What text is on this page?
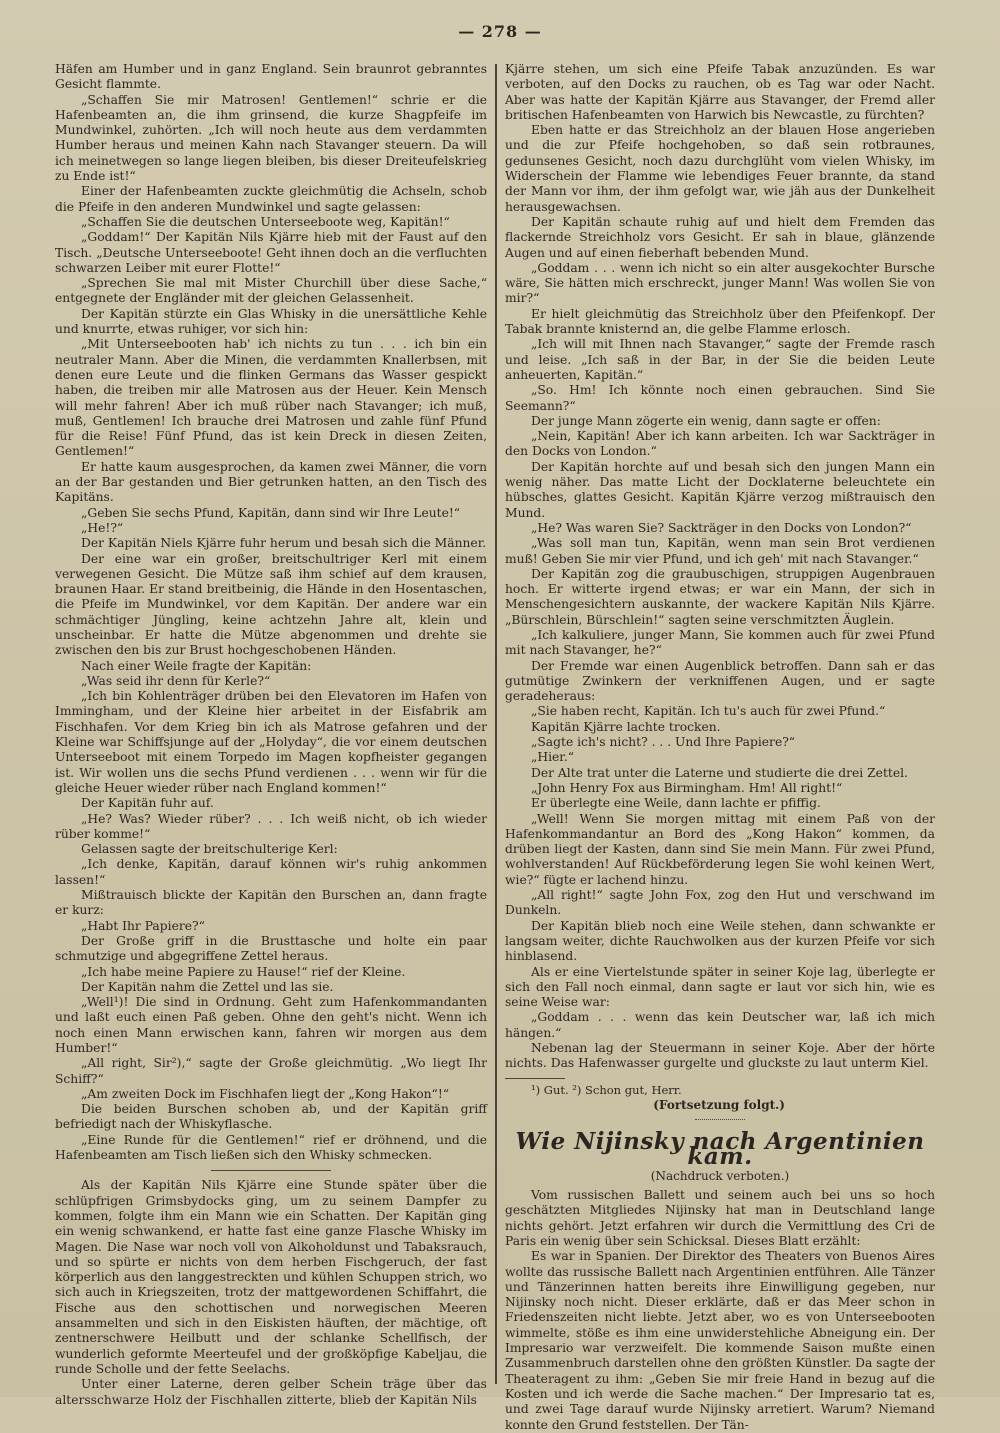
— 278 —

Häfen am Humber und in ganz England. Sein braunrot gebranntes Gesicht flammte.

„Schaffen Sie mir Matrosen! Gentlemen!“ schrie er die Hafenbeamten an, die ihm grinsend, die kurze Shagpfeife im Mundwinkel, zuhörten. „Ich will noch heute aus dem verdammten Humber heraus und meinen Kahn nach Stavanger steuern. Da will ich meinetwegen so lange liegen bleiben, bis dieser Dreiteufelskrieg zu Ende ist!“

Einer der Hafenbeamten zuckte gleichmütig die Achseln, schob die Pfeife in den anderen Mundwinkel und sagte gelassen:

„Schaffen Sie die deutschen Unterseeboote weg, Kapitän!“

„Goddam!“ Der Kapitän Nils Kjärre hieb mit der Faust auf den Tisch. „Deutsche Unterseeboote! Geht ihnen doch an die verfluchten schwarzen Leiber mit eurer Flotte!“

„Sprechen Sie mal mit Mister Churchill über diese Sache,“ entgegnete der Engländer mit der gleichen Gelassenheit.

Der Kapitän stürzte ein Glas Whisky in die unersättliche Kehle und knurrte, etwas ruhiger, vor sich hin:

„Mit Unterseebooten hab' ich nichts zu tun . . . ich bin ein neutraler Mann. Aber die Minen, die verdammten Knallerbsen, mit denen eure Leute und die flinken Germans das Wasser gespickt haben, die treiben mir alle Matrosen aus der Heuer. Kein Mensch will mehr fahren! Aber ich muß rüber nach Stavanger; ich muß, muß, Gentlemen! Ich brauche drei Matrosen und zahle fünf Pfund für die Reise! Fünf Pfund, das ist kein Dreck in diesen Zeiten, Gentlemen!“

Er hatte kaum ausgesprochen, da kamen zwei Männer, die vorn an der Bar gestanden und Bier getrunken hatten, an den Tisch des Kapitäns.

„Geben Sie sechs Pfund, Kapitän, dann sind wir Ihre Leute!“

„He!?“

Der Kapitän Niels Kjärre fuhr herum und besah sich die Männer.

Der eine war ein großer, breitschultriger Kerl mit einem verwegenen Gesicht. Die Mütze saß ihm schief auf dem krausen, braunen Haar. Er stand breitbeinig, die Hände in den Hosentaschen, die Pfeife im Mundwinkel, vor dem Kapitän. Der andere war ein schmächtiger Jüngling, keine achtzehn Jahre alt, klein und unscheinbar. Er hatte die Mütze abgenommen und drehte sie zwischen den bis zur Brust hochgeschobenen Händen.

Nach einer Weile fragte der Kapitän:

„Was seid ihr denn für Kerle?“

„Ich bin Kohlenträger drüben bei den Elevatoren im Hafen von Immingham, und der Kleine hier arbeitet in der Eisfabrik am Fischhafen. Vor dem Krieg bin ich als Matrose gefahren und der Kleine war Schiffsjunge auf der „Holyday“, die vor einem deutschen Unterseeboot mit einem Torpedo im Magen kopfheister gegangen ist. Wir wollen uns die sechs Pfund verdienen . . . wenn wir für die gleiche Heuer wieder rüber nach England kommen!“

Der Kapitän fuhr auf.

„He? Was? Wieder rüber? . . . Ich weiß nicht, ob ich wieder rüber komme!“

Gelassen sagte der breitschulterige Kerl:

„Ich denke, Kapitän, darauf können wir's ruhig ankommen lassen!“

Mißtrauisch blickte der Kapitän den Burschen an, dann fragte er kurz:

„Habt Ihr Papiere?“

Der Große griff in die Brusttasche und holte ein paar schmutzige und abgegriffene Zettel heraus.

„Ich habe meine Papiere zu Hause!“ rief der Kleine.

Der Kapitän nahm die Zettel und las sie.

„Well¹)! Die sind in Ordnung. Geht zum Hafenkommandanten und laßt euch einen Paß geben. Ohne den geht's nicht. Wenn ich noch einen Mann erwischen kann, fahren wir morgen aus dem Humber!“

„All right, Sir²),“ sagte der Große gleichmütig. „Wo liegt Ihr Schiff?“

„Am zweiten Dock im Fischhafen liegt der „Kong Hakon“!“

Die beiden Burschen schoben ab, und der Kapitän griff befriedigt nach der Whiskyflasche.

„Eine Runde für die Gentlemen!“ rief er dröhnend, und die Hafenbeamten am Tisch ließen sich den Whisky schmecken.

Als der Kapitän Nils Kjärre eine Stunde später über die schlüpfrigen Grimsbydocks ging, um zu seinem Dampfer zu kommen, folgte ihm ein Mann wie ein Schatten. Der Kapitän ging ein wenig schwankend, er hatte fast eine ganze Flasche Whisky im Magen. Die Nase war noch voll von Alkoholdunst und Tabaksrauch, und so spürte er nichts von dem herben Fischgeruch, der fast körperlich aus den langgestreckten und kühlen Schuppen strich, wo sich auch in Kriegszeiten, trotz der mattgewordenen Schiffahrt, die Fische aus den schottischen und norwegischen Meeren ansammelten und sich in den Eiskisten häuften, der mächtige, oft zentnerschwere Heilbutt und der schlanke Schellfisch, der wunderlich geformte Meerteufel und der großköpfige Kabeljau, die runde Scholle und der fette Seelachs.

Unter einer Laterne, deren gelber Schein träge über das altersschwarze Holz der Fischhallen zitterte, blieb der Kapitän Nils

Kjärre stehen, um sich eine Pfeife Tabak anzuzünden. Es war verboten, auf den Docks zu rauchen, ob es Tag war oder Nacht. Aber was hatte der Kapitän Kjärre aus Stavanger, der Fremd aller britischen Hafenbeamten von Harwich bis Newcastle, zu fürchten?

Eben hatte er das Streichholz an der blauen Hose angerieben und die zur Pfeife hochgehoben, so daß sein rotbraunes, gedunsenes Gesicht, noch dazu durchglüht vom vielen Whisky, im Widerschein der Flamme wie lebendiges Feuer brannte, da stand der Mann vor ihm, der ihm gefolgt war, wie jäh aus der Dunkelheit herausgewachsen.

Der Kapitän schaute ruhig auf und hielt dem Fremden das flackernde Streichholz vors Gesicht. Er sah in blaue, glänzende Augen und auf einen fieberhaft bebenden Mund.

„Goddam . . . wenn ich nicht so ein alter ausgekochter Bursche wäre, Sie hätten mich erschreckt, junger Mann! Was wollen Sie von mir?“

Er hielt gleichmütig das Streichholz über den Pfeifenkopf. Der Tabak brannte knisternd an, die gelbe Flamme erlosch.

„Ich will mit Ihnen nach Stavanger,“ sagte der Fremde rasch und leise. „Ich saß in der Bar, in der Sie die beiden Leute anheuerten, Kapitän.“

„So. Hm! Ich könnte noch einen gebrauchen. Sind Sie Seemann?“

Der junge Mann zögerte ein wenig, dann sagte er offen:

„Nein, Kapitän! Aber ich kann arbeiten. Ich war Sackträger in den Docks von London.“

Der Kapitän horchte auf und besah sich den jungen Mann ein wenig näher. Das matte Licht der Docklaterne beleuchtete ein hübsches, glattes Gesicht. Kapitän Kjärre verzog mißtrauisch den Mund.

„He? Was waren Sie? Sackträger in den Docks von London?“

„Was soll man tun, Kapitän, wenn man sein Brot verdienen muß! Geben Sie mir vier Pfund, und ich geh' mit nach Stavanger.“

Der Kapitän zog die graubuschigen, struppigen Augenbrauen hoch. Er witterte irgend etwas; er war ein Mann, der sich in Menschengesichtern auskannte, der wackere Kapitän Nils Kjärre. „Bürschlein, Bürschlein!“ sagten seine verschmitzten Äuglein.

„Ich kalkuliere, junger Mann, Sie kommen auch für zwei Pfund mit nach Stavanger, he?“

Der Fremde war einen Augenblick betroffen. Dann sah er das gutmütige Zwinkern der verkniffenen Augen, und er sagte geradeheraus:

„Sie haben recht, Kapitän. Ich tu's auch für zwei Pfund.“

Kapitän Kjärre lachte trocken.

„Sagte ich's nicht? . . . Und Ihre Papiere?“

„Hier.“

Der Alte trat unter die Laterne und studierte die drei Zettel.

„John Henry Fox aus Birmingham. Hm! All right!“

Er überlegte eine Weile, dann lachte er pfiffig.

„Well! Wenn Sie morgen mittag mit einem Paß von der Hafenkommandantur an Bord des „Kong Hakon“ kommen, da drüben liegt der Kasten, dann sind Sie mein Mann. Für zwei Pfund, wohlverstanden! Auf Rückbeförderung legen Sie wohl keinen Wert, wie?“ fügte er lachend hinzu.

„All right!“ sagte John Fox, zog den Hut und verschwand im Dunkeln.

Der Kapitän blieb noch eine Weile stehen, dann schwankte er langsam weiter, dichte Rauchwolken aus der kurzen Pfeife vor sich hinblasend.

Als er eine Viertelstunde später in seiner Koje lag, überlegte er sich den Fall noch einmal, dann sagte er laut vor sich hin, wie es seine Weise war:

„Goddam . . . wenn das kein Deutscher war, laß ich mich hängen.“

Nebenan lag der Steuermann in seiner Koje. Aber der hörte nichts. Das Hafenwasser gurgelte und gluckste zu laut unterm Kiel.

¹) Gut. ²) Schon gut, Herr.

(Fortsetzung folgt.)
Wie Nijinsky nach Argentinien kam.
(Nachdruck verboten.)

Vom russischen Ballett und seinem auch bei uns so hoch geschätzten Mitgliedes Nijinsky hat man in Deutschland lange nichts gehört. Jetzt erfahren wir durch die Vermittlung des Cri de Paris ein wenig über sein Schicksal. Dieses Blatt erzählt:

Es war in Spanien. Der Direktor des Theaters von Buenos Aires wollte das russische Ballett nach Argentinien entführen. Alle Tänzer und Tänzerinnen hatten bereits ihre Einwilligung gegeben, nur Nijinsky noch nicht. Dieser erklärte, daß er das Meer schon in Friedenszeiten nicht liebte. Jetzt aber, wo es von Unterseebooten wimmelte, stöße es ihm eine unwiderstehliche Abneigung ein. Der Impresario war verzweifelt. Die kommende Saison mußte einen Zusammenbruch darstellen ohne den größten Künstler. Da sagte der Theateragent zu ihm: „Geben Sie mir freie Hand in bezug auf die Kosten und ich werde die Sache machen.“ Der Impresario tat es, und zwei Tage darauf wurde Nijinsky arretiert. Warum? Niemand konnte den Grund feststellen. Der Tän-
